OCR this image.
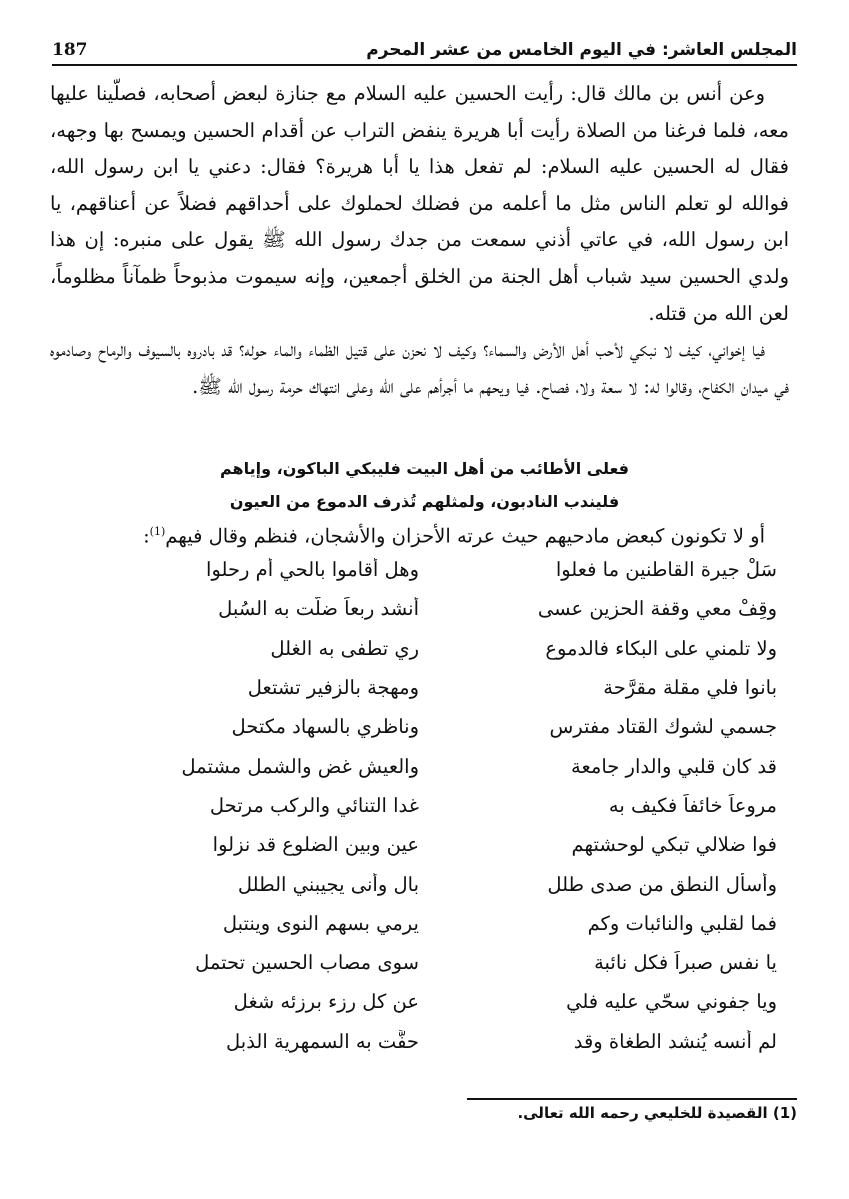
المجلس العاشر: في اليوم الخامس من عشر المحرم
187

وعن أنس بن مالك قال: رأيت الحسين عليه السلام مع جنازة لبعض أصحابه، فصلّينا عليها معه، فلما فرغنا من الصلاة رأيت أبا هريرة ينفض التراب عن أقدام الحسين ويمسح بها وجهه، فقال له الحسين عليه السلام: لم تفعل هذا يا أبا هريرة؟ فقال: دعني يا ابن رسول الله، فوالله لو تعلم الناس مثل ما أعلمه من فضلك لحملوك على أحداقهم فضلاً عن أعناقهم، يا ابن رسول الله، في عاتي أذني سمعت من جدك رسول الله ﷺ يقول على منبره: إن هذا ولدي الحسين سيد شباب أهل الجنة من الخلق أجمعين، وإنه سيموت مذبوحاً ظمآناً مظلوماً، لعن الله من قتله.

فيا إخواني، كيف لا نبكي لأحب أهل الأرض والسماء؟ وكيف لا نحزن على قتيل الظماء والماء حوله؟ قد بادروه بالسيوف والرماح وصادموه في ميدان الكفاح، وقالوا له: لا سعة ولا، فصاح. فيا ويحهم ما أجرأهم على الله وعلى انتهاك حرمة رسول الله ﷺ.

فعلى الأطائب من أهل البيت فليبكي الباكون، وإياهم
فليندب النادبون، ولمثلهم تُذرف الدموع من العيون
أو لا تكونون كبعض مادحيهم حيث عرته الأحزان والأشجان، فنظم وقال فيهم$^{(1)}$:
سَلْ جيرة القاطنين ما فعلوا
وهل أقاموا بالحي أم رحلوا
وقِفْ معي وقفة الحزين عسى
أنشد ربعاً ضلّت به السُبل
ولا تلمني على البكاء فالدموع
ري تطفى به الغلل
بانوا فلي مقلة مقرَّحة
ومهجة بالزفير تشتعل
جسمي لشوك القتاد مفترس
وناظري بالسهاد مكتحل
قد كان قلبي والدار جامعة
والعيش غض والشمل مشتمل
مروعاً خائفاً فكيف به
غدا التنائي والركب مرتحل
فوا ضلالي تبكي لوحشتهم
عين وبين الضلوع قد نزلوا
وأسأل النطق من صدى طلل
بال وأنى يجيبني الطلل
فما لقلبي والنائبات وكم
يرمي بسهم النوى وينتبل
يا نفس صبراً فكل نائبة
سوى مصاب الحسين تحتمل
ويا جفوني سحّي عليه فلي
عن كل رزء برزئه شغل
لم أنسه يُنشد الطغاة وقد
حفَّت به السمهرية الذبل
(1) القصيدة للخليعي رحمه الله تعالى.
